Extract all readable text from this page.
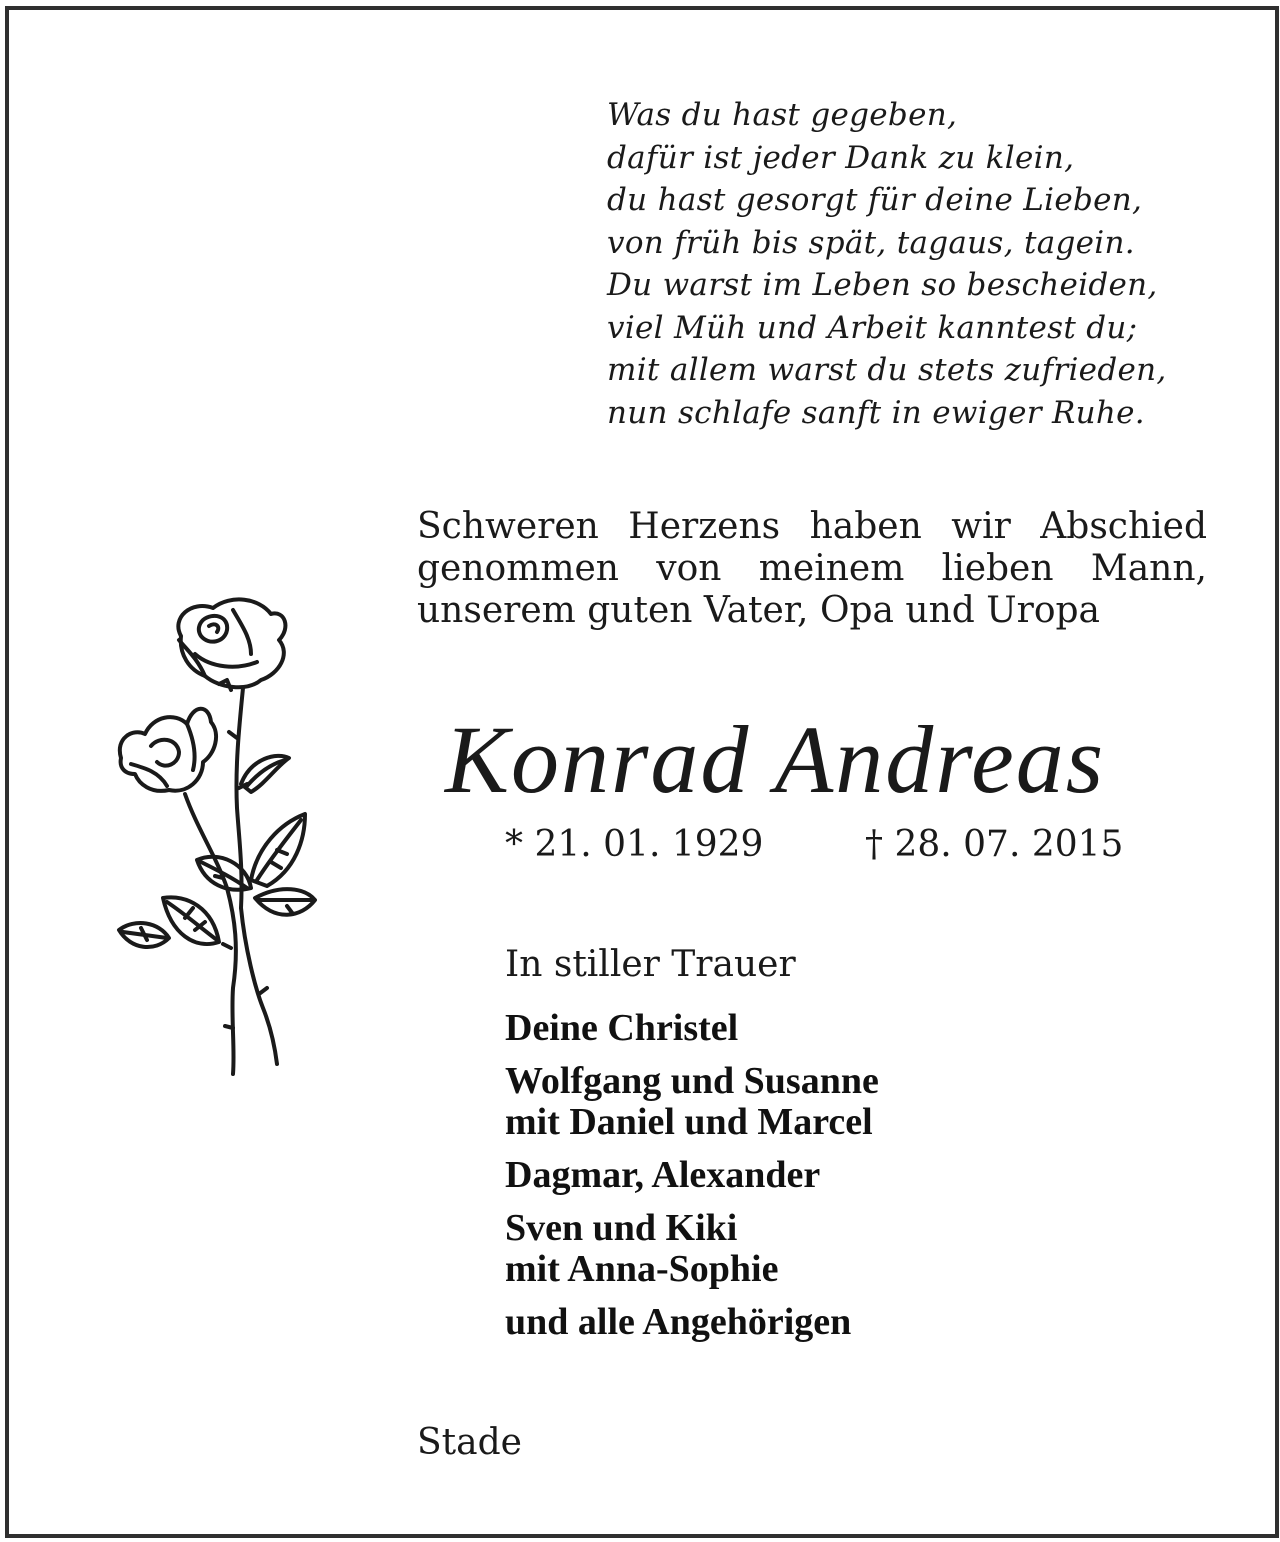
Was du hast gegeben,
dafür ist jeder Dank zu klein,
du hast gesorgt für deine Lieben,
von früh bis spät, tagaus, tagein.
Du warst im Leben so bescheiden,
viel Müh und Arbeit kanntest du;
mit allem warst du stets zufrieden,
nun schlafe sanft in ewiger Ruhe.
Schweren Herzens haben wir Abschied
genommen von meinem lieben Mann,
unserem guten Vater, Opa und Uropa
Konrad Andreas
* 21. 01. 1929	† 28. 07. 2015
In stiller Trauer
Deine Christel
Wolfgang und Susanne
mit Daniel und Marcel
Dagmar, Alexander
Sven und Kiki
mit Anna-Sophie
und alle Angehörigen
Stade
